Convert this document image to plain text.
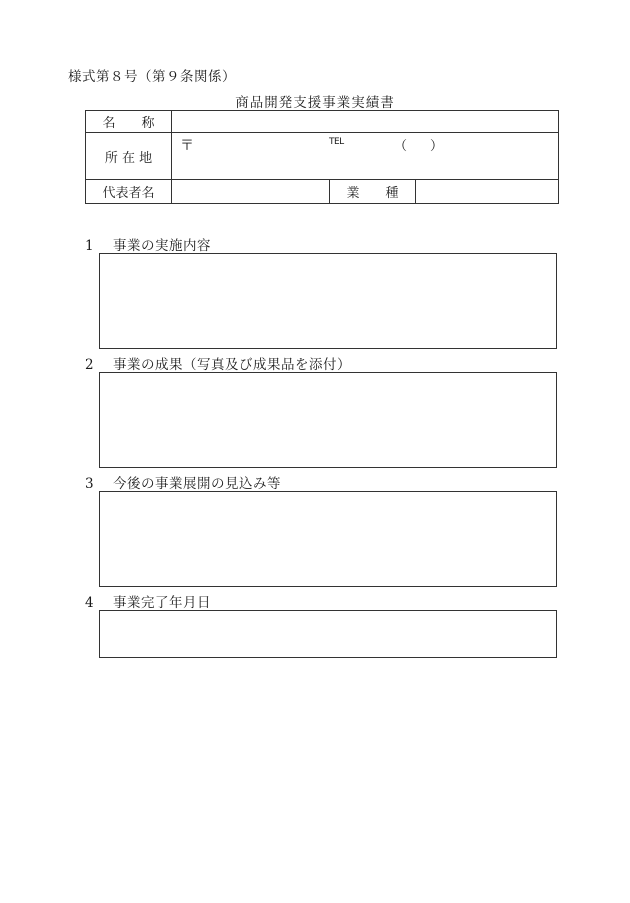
様式第８号（第９条関係）
商品開発支援事業実績書
名　　称			
所 在 地	〒 TEL （ ）		

代表者名		業　　種	
1 事業の実施内容
2 事業の成果（写真及び成果品を添付）
3 今後の事業展開の見込み等
4 事業完了年月日
